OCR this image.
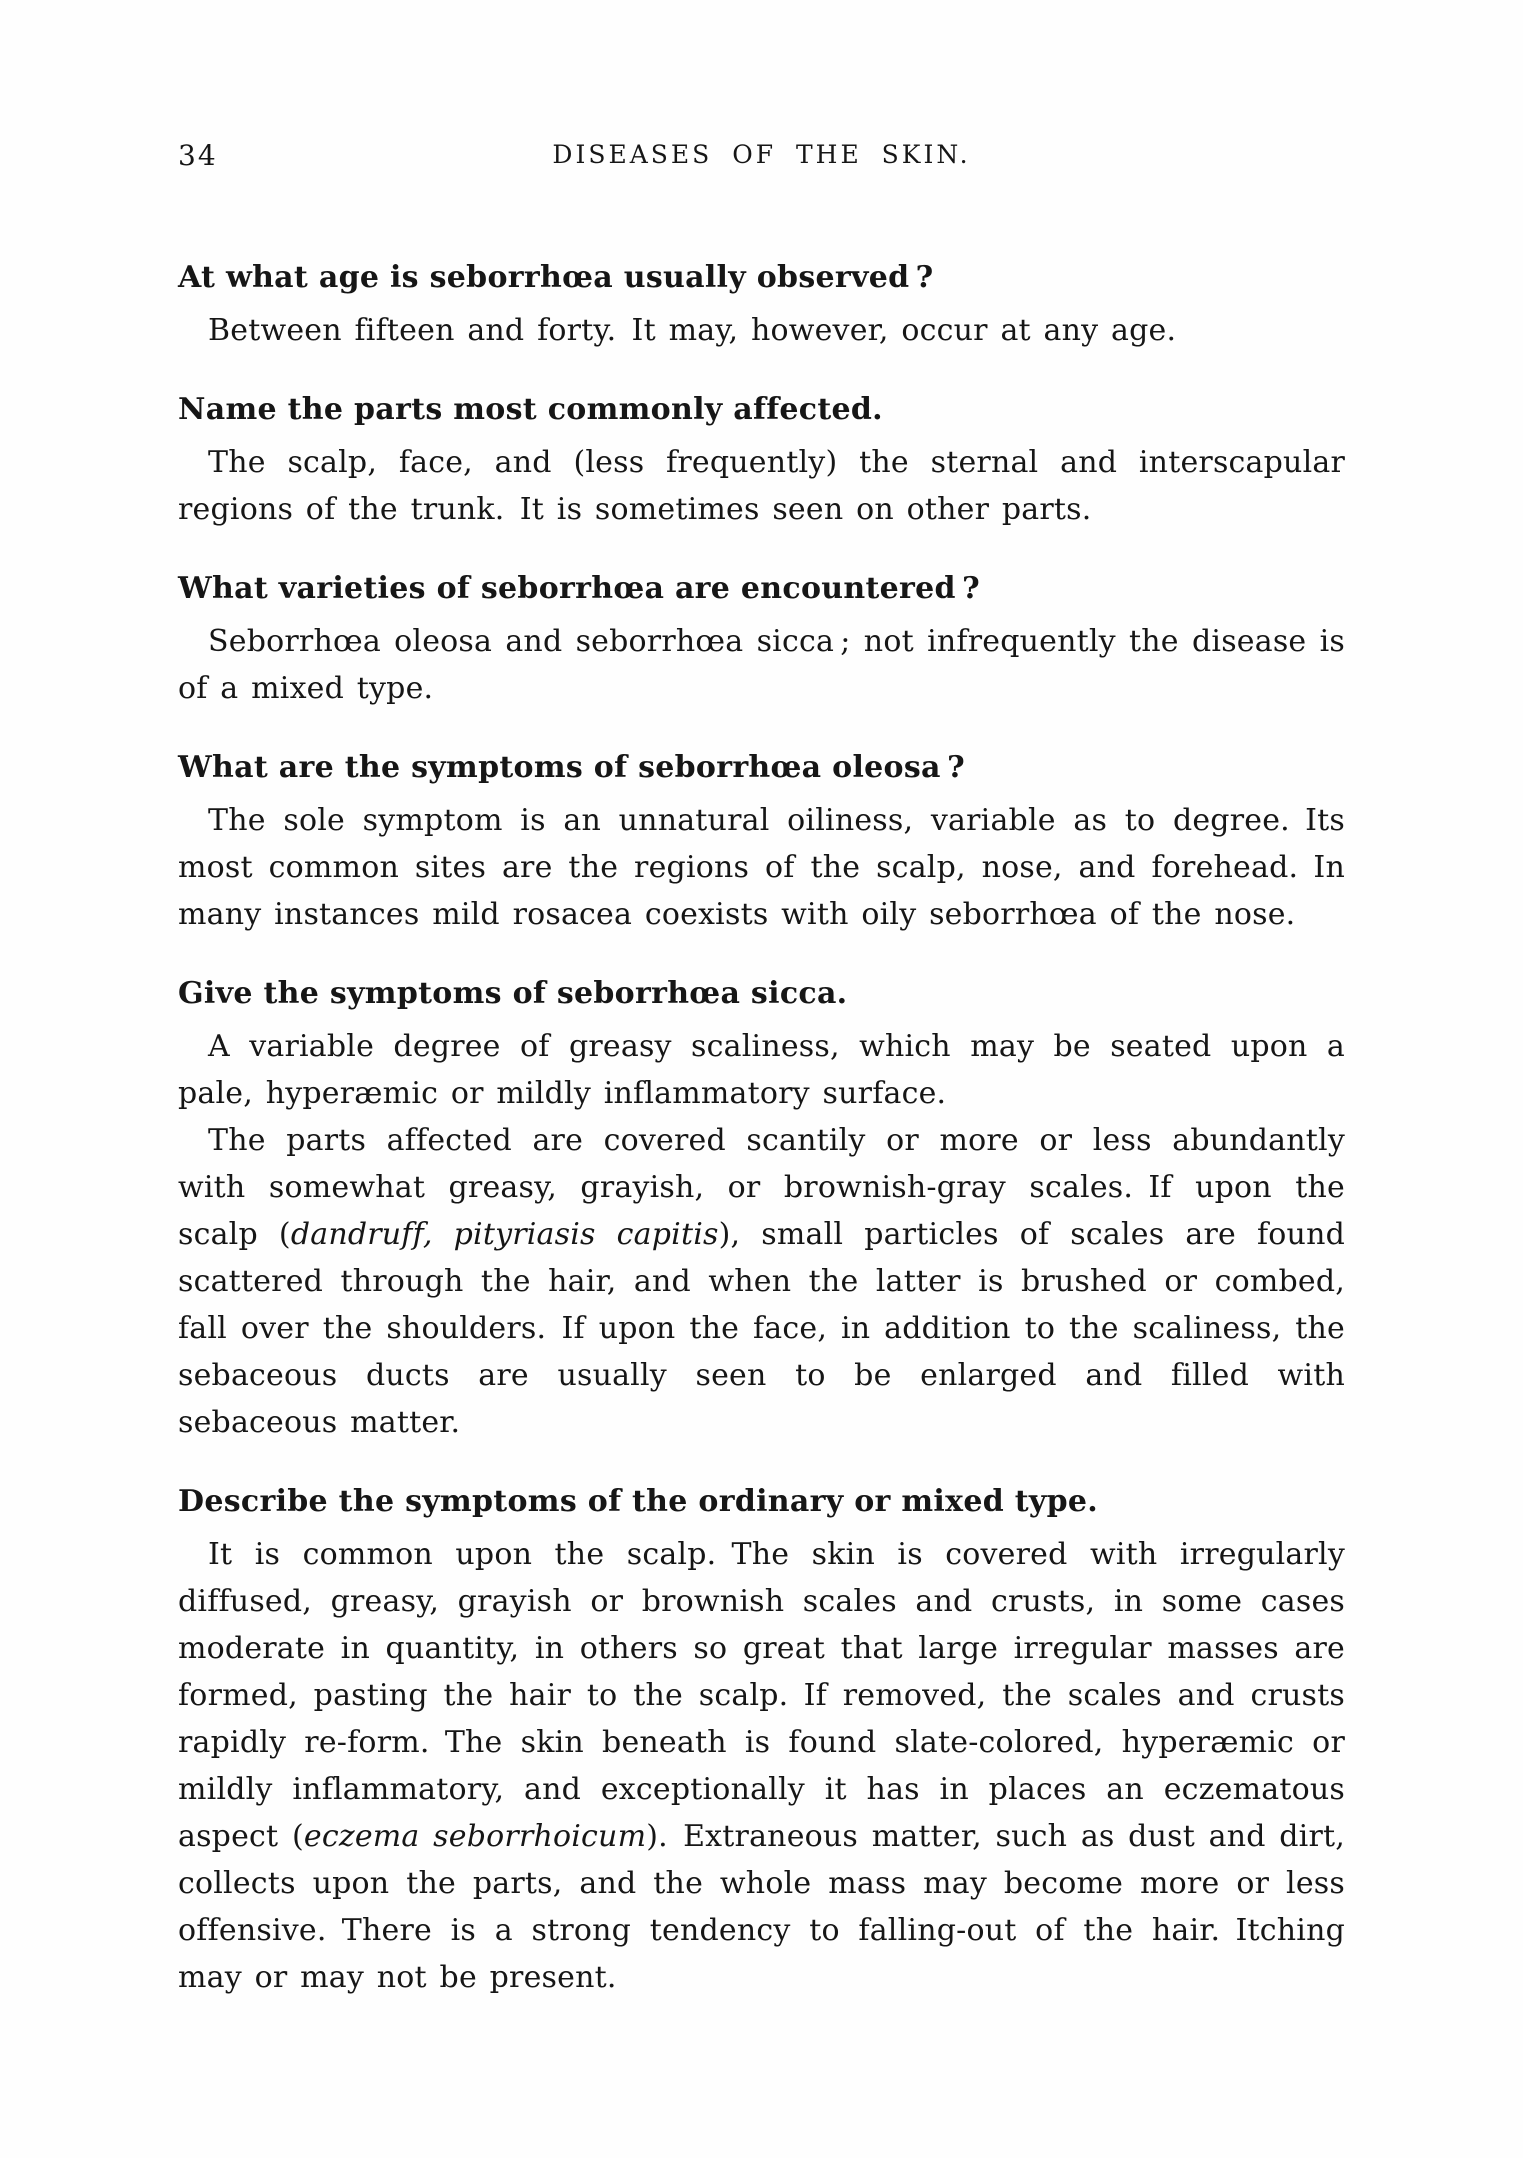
34	DISEASES OF THE SKIN.
At what age is seborrhœa usually observed ?

Between fifteen and forty. It may, however, occur at any age.

Name the parts most commonly affected.

The scalp, face, and (less frequently) the sternal and interscapular regions of the trunk. It is sometimes seen on other parts.

What varieties of seborrhœa are encountered ?

Seborrhœa oleosa and seborrhœa sicca ; not infrequently the disease is of a mixed type.

What are the symptoms of seborrhœa oleosa ?

The sole symptom is an unnatural oiliness, variable as to degree. Its most common sites are the regions of the scalp, nose, and forehead. In many instances mild rosacea coexists with oily seborrhœa of the nose.

Give the symptoms of seborrhœa sicca.

A variable degree of greasy scaliness, which may be seated upon a pale, hyperæmic or mildly inflammatory surface.

The parts affected are covered scantily or more or less abundantly with somewhat greasy, grayish, or brownish-gray scales. If upon the scalp (dandruff, pityriasis capitis), small particles of scales are found scattered through the hair, and when the latter is brushed or combed, fall over the shoulders. If upon the face, in addition to the scaliness, the sebaceous ducts are usually seen to be enlarged and filled with sebaceous matter.

Describe the symptoms of the ordinary or mixed type.

It is common upon the scalp. The skin is covered with irregularly diffused, greasy, grayish or brownish scales and crusts, in some cases moderate in quantity, in others so great that large irregular masses are formed, pasting the hair to the scalp. If removed, the scales and crusts rapidly re-form. The skin beneath is found slate-colored, hyperæmic or mildly inflammatory, and exceptionally it has in places an eczematous aspect (eczema seborrhoicum). Extraneous matter, such as dust and dirt, collects upon the parts, and the whole mass may become more or less offensive. There is a strong tendency to falling-out of the hair. Itching may or may not be present.
